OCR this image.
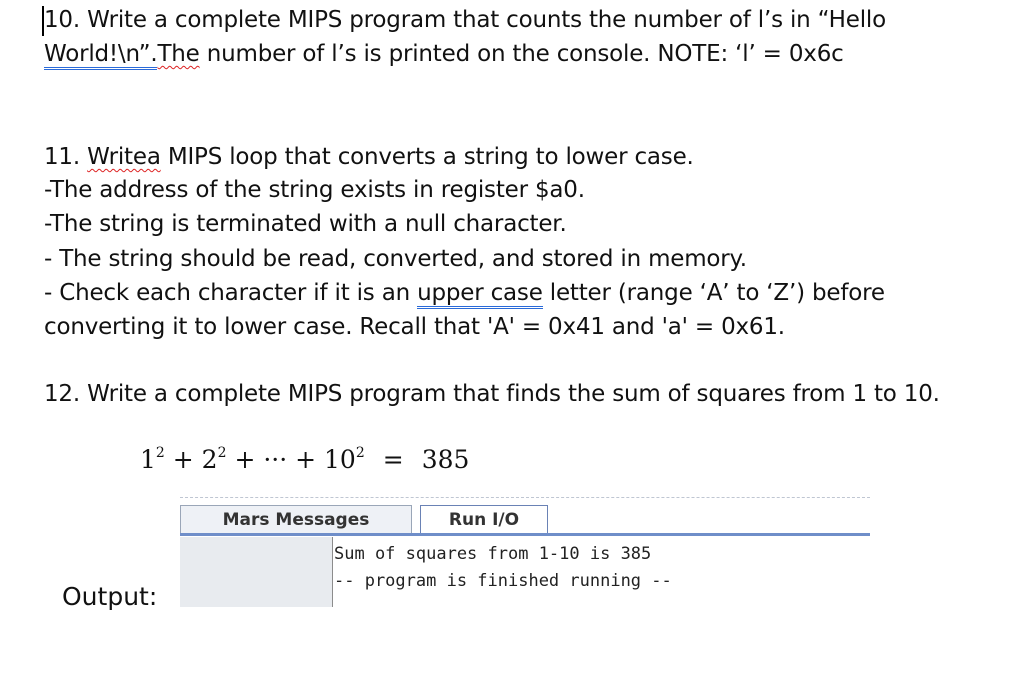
10. Write a complete MIPS program that counts the number of l’s in “Hello
World!\n”.The number of l’s is printed on the console. NOTE: ‘l’ = 0x6c
11. Writea MIPS loop that converts a string to lower case.
-The address of the string exists in register $a0.
-The string is terminated with a null character.
- The string should be read, converted, and stored in memory.
- Check each character if it is an upper case letter (range ‘A’ to ‘Z’) before
converting it to lower case. Recall that 'A' = 0x41 and 'a' = 0x61.
12. Write a complete MIPS program that finds the sum of squares from 1 to 10.
$1^2 + 2^2$ + ··· + $10^2 = 385$
Mars Messages	Run I/O
Sum of squares from 1-10 is 385
-- program is finished running --
Output:
